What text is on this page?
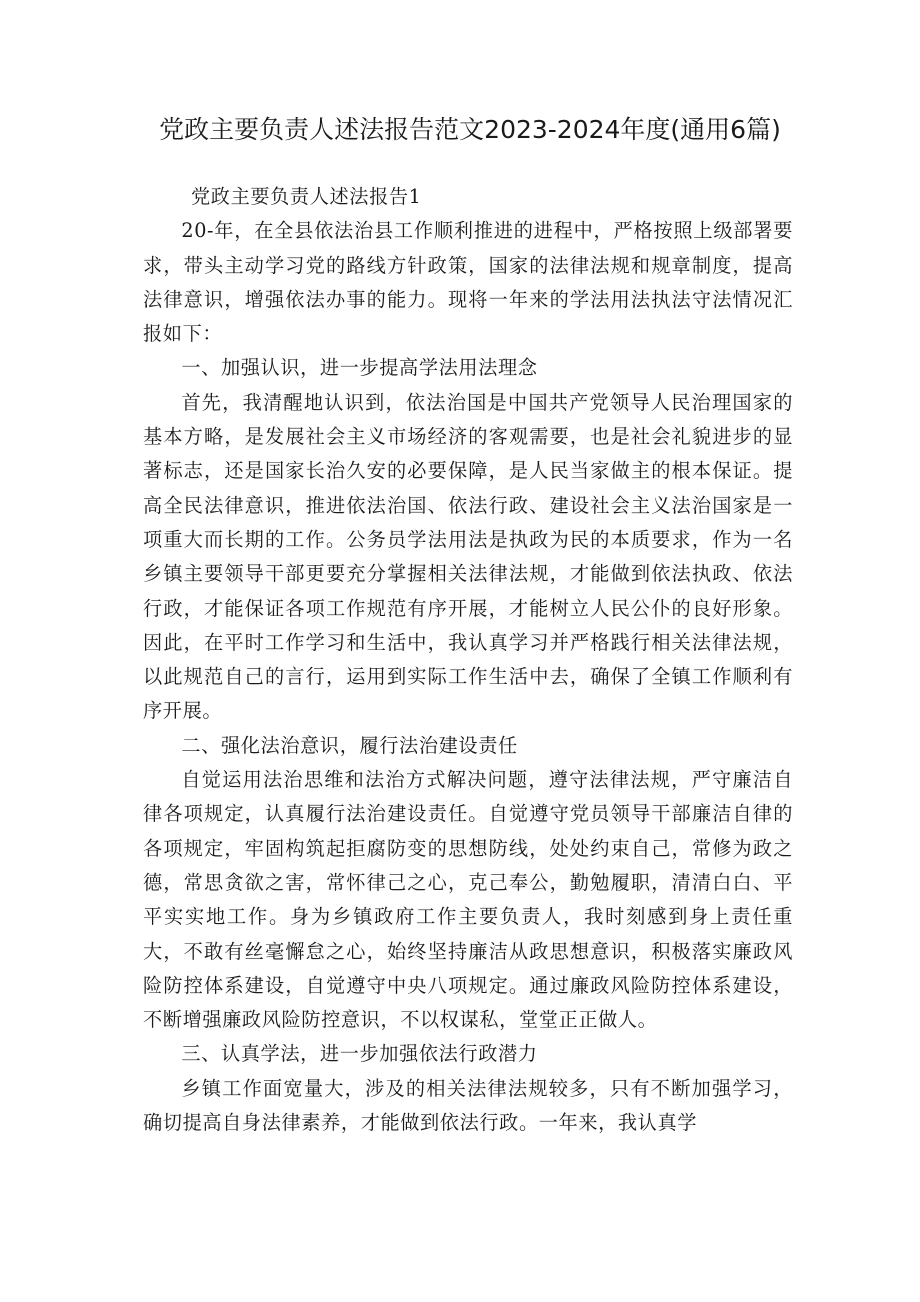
党政主要负责人述法报告范文2023-2024年度(通用6篇)

党政主要负责人述法报告1

20-年，在全县依法治县工作顺利推进的进程中，严格按照上级部署要求，带头主动学习党的路线方针政策，国家的法律法规和规章制度，提高法律意识，增强依法办事的能力。现将一年来的学法用法执法守法情况汇报如下：

一、加强认识，进一步提高学法用法理念

首先，我清醒地认识到，依法治国是中国共产党领导人民治理国家的基本方略，是发展社会主义市场经济的客观需要，也是社会礼貌进步的显著标志，还是国家长治久安的必要保障，是人民当家做主的根本保证。提高全民法律意识，推进依法治国、依法行政、建设社会主义法治国家是一项重大而长期的工作。公务员学法用法是执政为民的本质要求，作为一名乡镇主要领导干部更要充分掌握相关法律法规，才能做到依法执政、依法行政，才能保证各项工作规范有序开展，才能树立人民公仆的良好形象。因此，在平时工作学习和生活中，我认真学习并严格践行相关法律法规，以此规范自己的言行，运用到实际工作生活中去，确保了全镇工作顺利有序开展。

二、强化法治意识，履行法治建设责任

自觉运用法治思维和法治方式解决问题，遵守法律法规，严守廉洁自律各项规定，认真履行法治建设责任。自觉遵守党员领导干部廉洁自律的各项规定，牢固构筑起拒腐防变的思想防线，处处约束自己，常修为政之德，常思贪欲之害，常怀律己之心，克己奉公，勤勉履职，清清白白、平平实实地工作。身为乡镇政府工作主要负责人，我时刻感到身上责任重大，不敢有丝毫懈怠之心，始终坚持廉洁从政思想意识，积极落实廉政风险防控体系建设，自觉遵守中央八项规定。通过廉政风险防控体系建设，不断增强廉政风险防控意识，不以权谋私，堂堂正正做人。

三、认真学法，进一步加强依法行政潜力

乡镇工作面宽量大，涉及的相关法律法规较多，只有不断加强学习，确切提高自身法律素养，才能做到依法行政。一年来，我认真学
